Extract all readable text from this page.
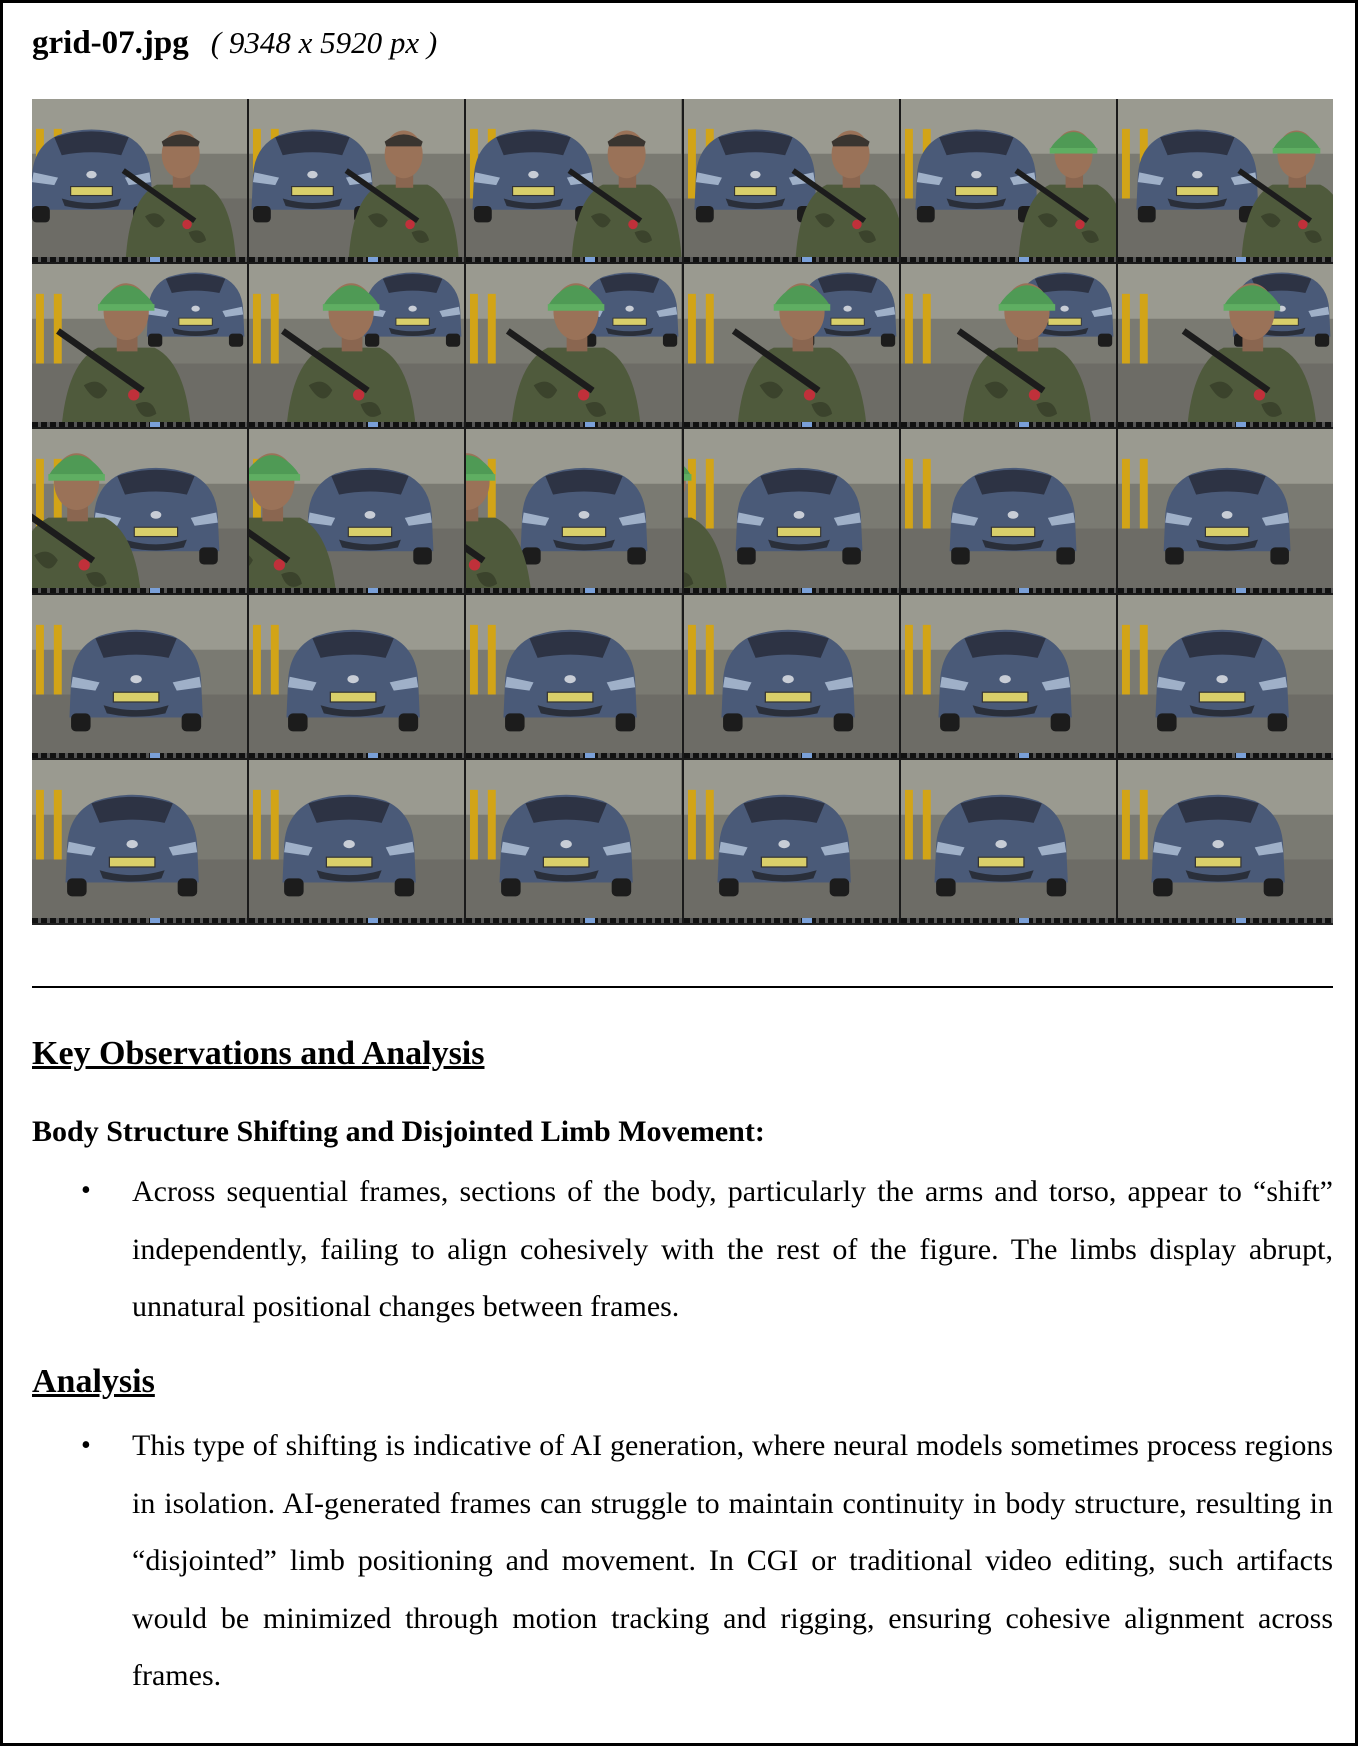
grid-07.jpg ( 9348 x 5920 px )
Key Observations and Analysis
Body Structure Shifting and Disjointed Limb Movement:
• Across sequential frames, sections of the body, particularly the arms and torso, appear to “shift” independently, failing to align cohesively with the rest of the figure. The limbs display abrupt, unnatural positional changes between frames.

Analysis
• This type of shifting is indicative of AI generation, where neural models sometimes process regions in isolation. AI-generated frames can struggle to maintain continuity in body structure, resulting in “disjointed” limb positioning and movement. In CGI or traditional video editing, such artifacts would be minimized through motion tracking and rigging, ensuring cohesive alignment across frames.
